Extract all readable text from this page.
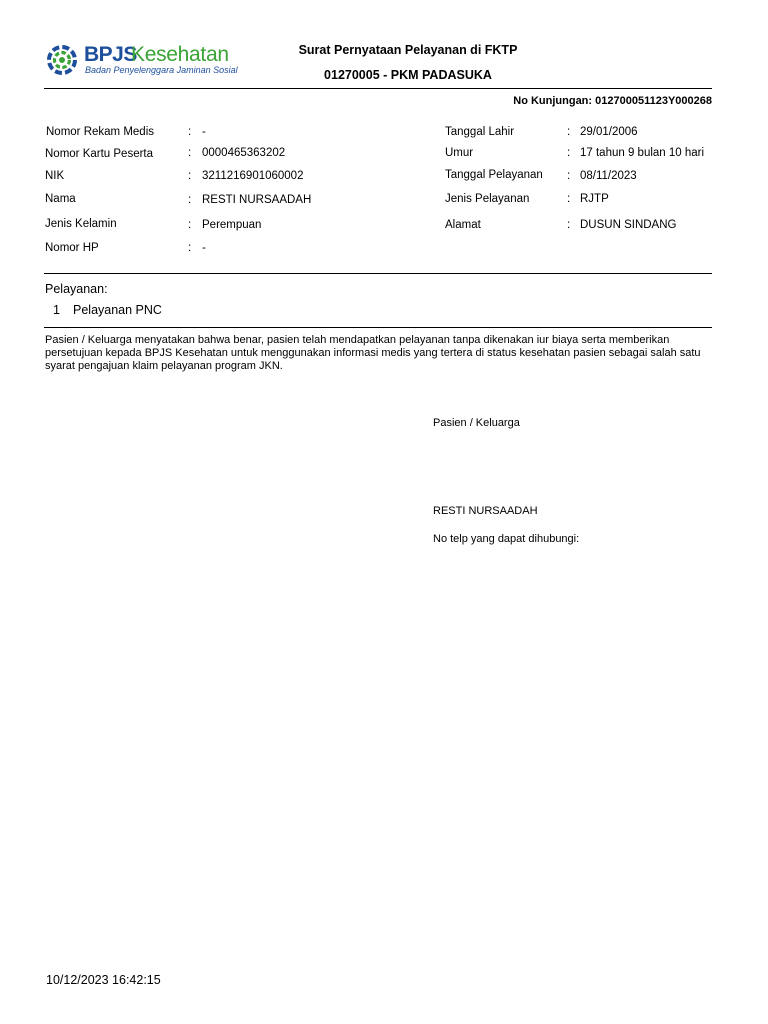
BPJS
Kesehatan
Badan Penyelenggara Jaminan Sosial
Surat Pernyataan Pelayanan di FKTP
01270005 - PKM PADASUKA
No Kunjungan: 012700051123Y000268
Nomor Rekam Medis	: -
Nomor Kartu Peserta	: 0000465363202
NIK	: 3211216901060002
Nama	: RESTI NURSAADAH
Jenis Kelamin	: Perempuan
Nomor HP	: -
Tanggal Lahir	: 29/01/2006
Umur	: 17 tahun 9 bulan 10 hari
Tanggal Pelayanan : 08/11/2023
Jenis Pelayanan	: RJTP
Alamat	: DUSUN SINDANG
Pelayanan:
1 Pelayanan PNC
Pasien / Keluarga menyatakan bahwa benar, pasien telah mendapatkan pelayanan tanpa dikenakan iur biaya serta memberikan persetujuan kepada BPJS Kesehatan untuk menggunakan informasi medis yang tertera di status kesehatan pasien sebagai salah satu syarat pengajuan klaim pelayanan program JKN.
Pasien / Keluarga
RESTI NURSAADAH
No telp yang dapat dihubungi:
10/12/2023 16:42:15
